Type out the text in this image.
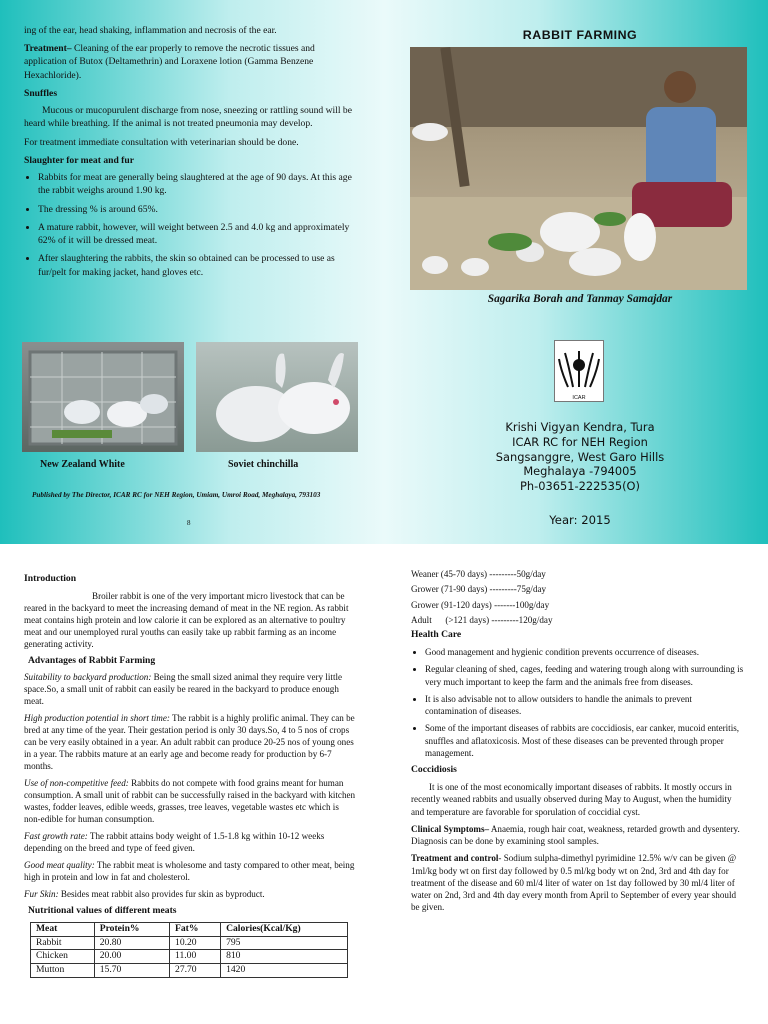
ing of the ear, head shaking, inflammation and necrosis of the ear.

Treatment– Cleaning of the ear properly to remove the necrotic tissues and application of Butox (Deltamethrin) and Loraxene lotion (Gamma Benzene Hexachloride).

Snuffles

Mucous or mucopurulent discharge from nose, sneezing or rattling sound will be heard while breathing. If the animal is not treated pneumonia may develop.

For treatment immediate consultation with veterinarian should be done.

Slaughter for meat and fur
• Rabbits for meat are generally being slaughtered at the age of 90 days. At this age the rabbit weighs around 1.90 kg.
• The dressing % is around 65%.
• A mature rabbit, however, will weight between 2.5 and 4.0 kg and approximately 62% of it will be dressed meat.
• After slaughtering the rabbits, the skin so obtained can be processed to use as fur/pelt for making jacket, hand gloves etc.
New Zealand White	Soviet chinchilla
Published by The Director, ICAR RC for NEH Region, Umiam, Umroi Road, Meghalaya, 793103
8
RABBIT FARMING
Sagarika Borah and Tanmay Samajdar
ICAR
Krishi Vigyan Kendra, Tura
ICAR RC for NEH Region
Sangsanggre, West Garo Hills
Meghalaya -794005
Ph-03651-222535(O)
Year: 2015
Introduction

Broiler rabbit is one of the very important micro livestock that can be reared in the backyard to meet the increasing demand of meat in the NE region. As rabbit meat contains high protein and low calorie it can be explored as an alternative to poultry meat and our unemployed rural youths can easily take up rabbit farming as an income generating activity.

Advantages of Rabbit Farming

Suitability to backyard production: Being the small sized animal they require very little space.So, a small unit of rabbit can easily be reared in the backyard to produce enough meat.

High production potential in short time: The rabbit is a highly prolific animal. They can be bred at any time of the year. Their gestation period is only 30 days.So, 4 to 5 nos of crops can be very easily obtained in a year. An adult rabbit can produce 20-25 nos of young ones in a year. The rabbits mature at an early age and become ready for production by 6-7 months.

Use of non-competitive feed: Rabbits do not compete with food grains meant for human consumption. A small unit of rabbit can be successfully raised in the backyard with kitchen wastes, fodder leaves, edible weeds, grasses, tree leaves, vegetable wastes etc which is non-edible for human consumption.

Fast growth rate: The rabbit attains body weight of 1.5-1.8 kg within 10-12 weeks depending on the breed and type of feed given.

Good meat quality: The rabbit meat is wholesome and tasty compared to other meat, being high in protein and low in fat and cholesterol.

Fur Skin: Besides meat rabbit also provides fur skin as byproduct.

Nutritional values of different meats
Meat	Protein%	Fat%	Calories(Kcal/Kg)
Rabbit	20.80	10.20	795
Chicken	20.00	11.00	810
Mutton	15.70	27.70	1420
Weaner (45-70 days) ---------50g/day
Grower (71-90 days) ---------75g/day
Grower (91-120 days) -------100g/day
Adult      (>121 days) ---------120g/day
Health Care
• Good management and hygienic condition prevents occurrence of diseases.
• Regular cleaning of shed, cages, feeding and watering trough along with surrounding is very much important to keep the farm and the animals free from diseases.
• It is also advisable not to allow outsiders to handle the animals to prevent contamination of diseases.
• Some of the important diseases of rabbits are coccidiosis, ear canker, mucoid enteritis, snuffles and aflatoxicosis. Most of these diseases can be prevented through proper management.
Coccidiosis

It is one of the most economically important diseases of rabbits. It mostly occurs in recently weaned rabbits and usually observed during May to August, when the humidity and temperature are favorable for sporulation of coccidial cyst.

Clinical Symptoms– Anaemia, rough hair coat, weakness, retarded growth and dysentery. Diagnosis can be done by examining stool samples.

Treatment and control- Sodium sulpha-dimethyl pyrimidine 12.5% w/v can be given @ 1ml/kg body wt on first day followed by 0.5 ml/kg body wt on 2nd, 3rd and 4th day for treatment of the disease and 60 ml/4 liter of water on 1st day followed by 30 ml/4 liter of water on 2nd, 3rd and 4th day every month from April to September of every year should be given.
